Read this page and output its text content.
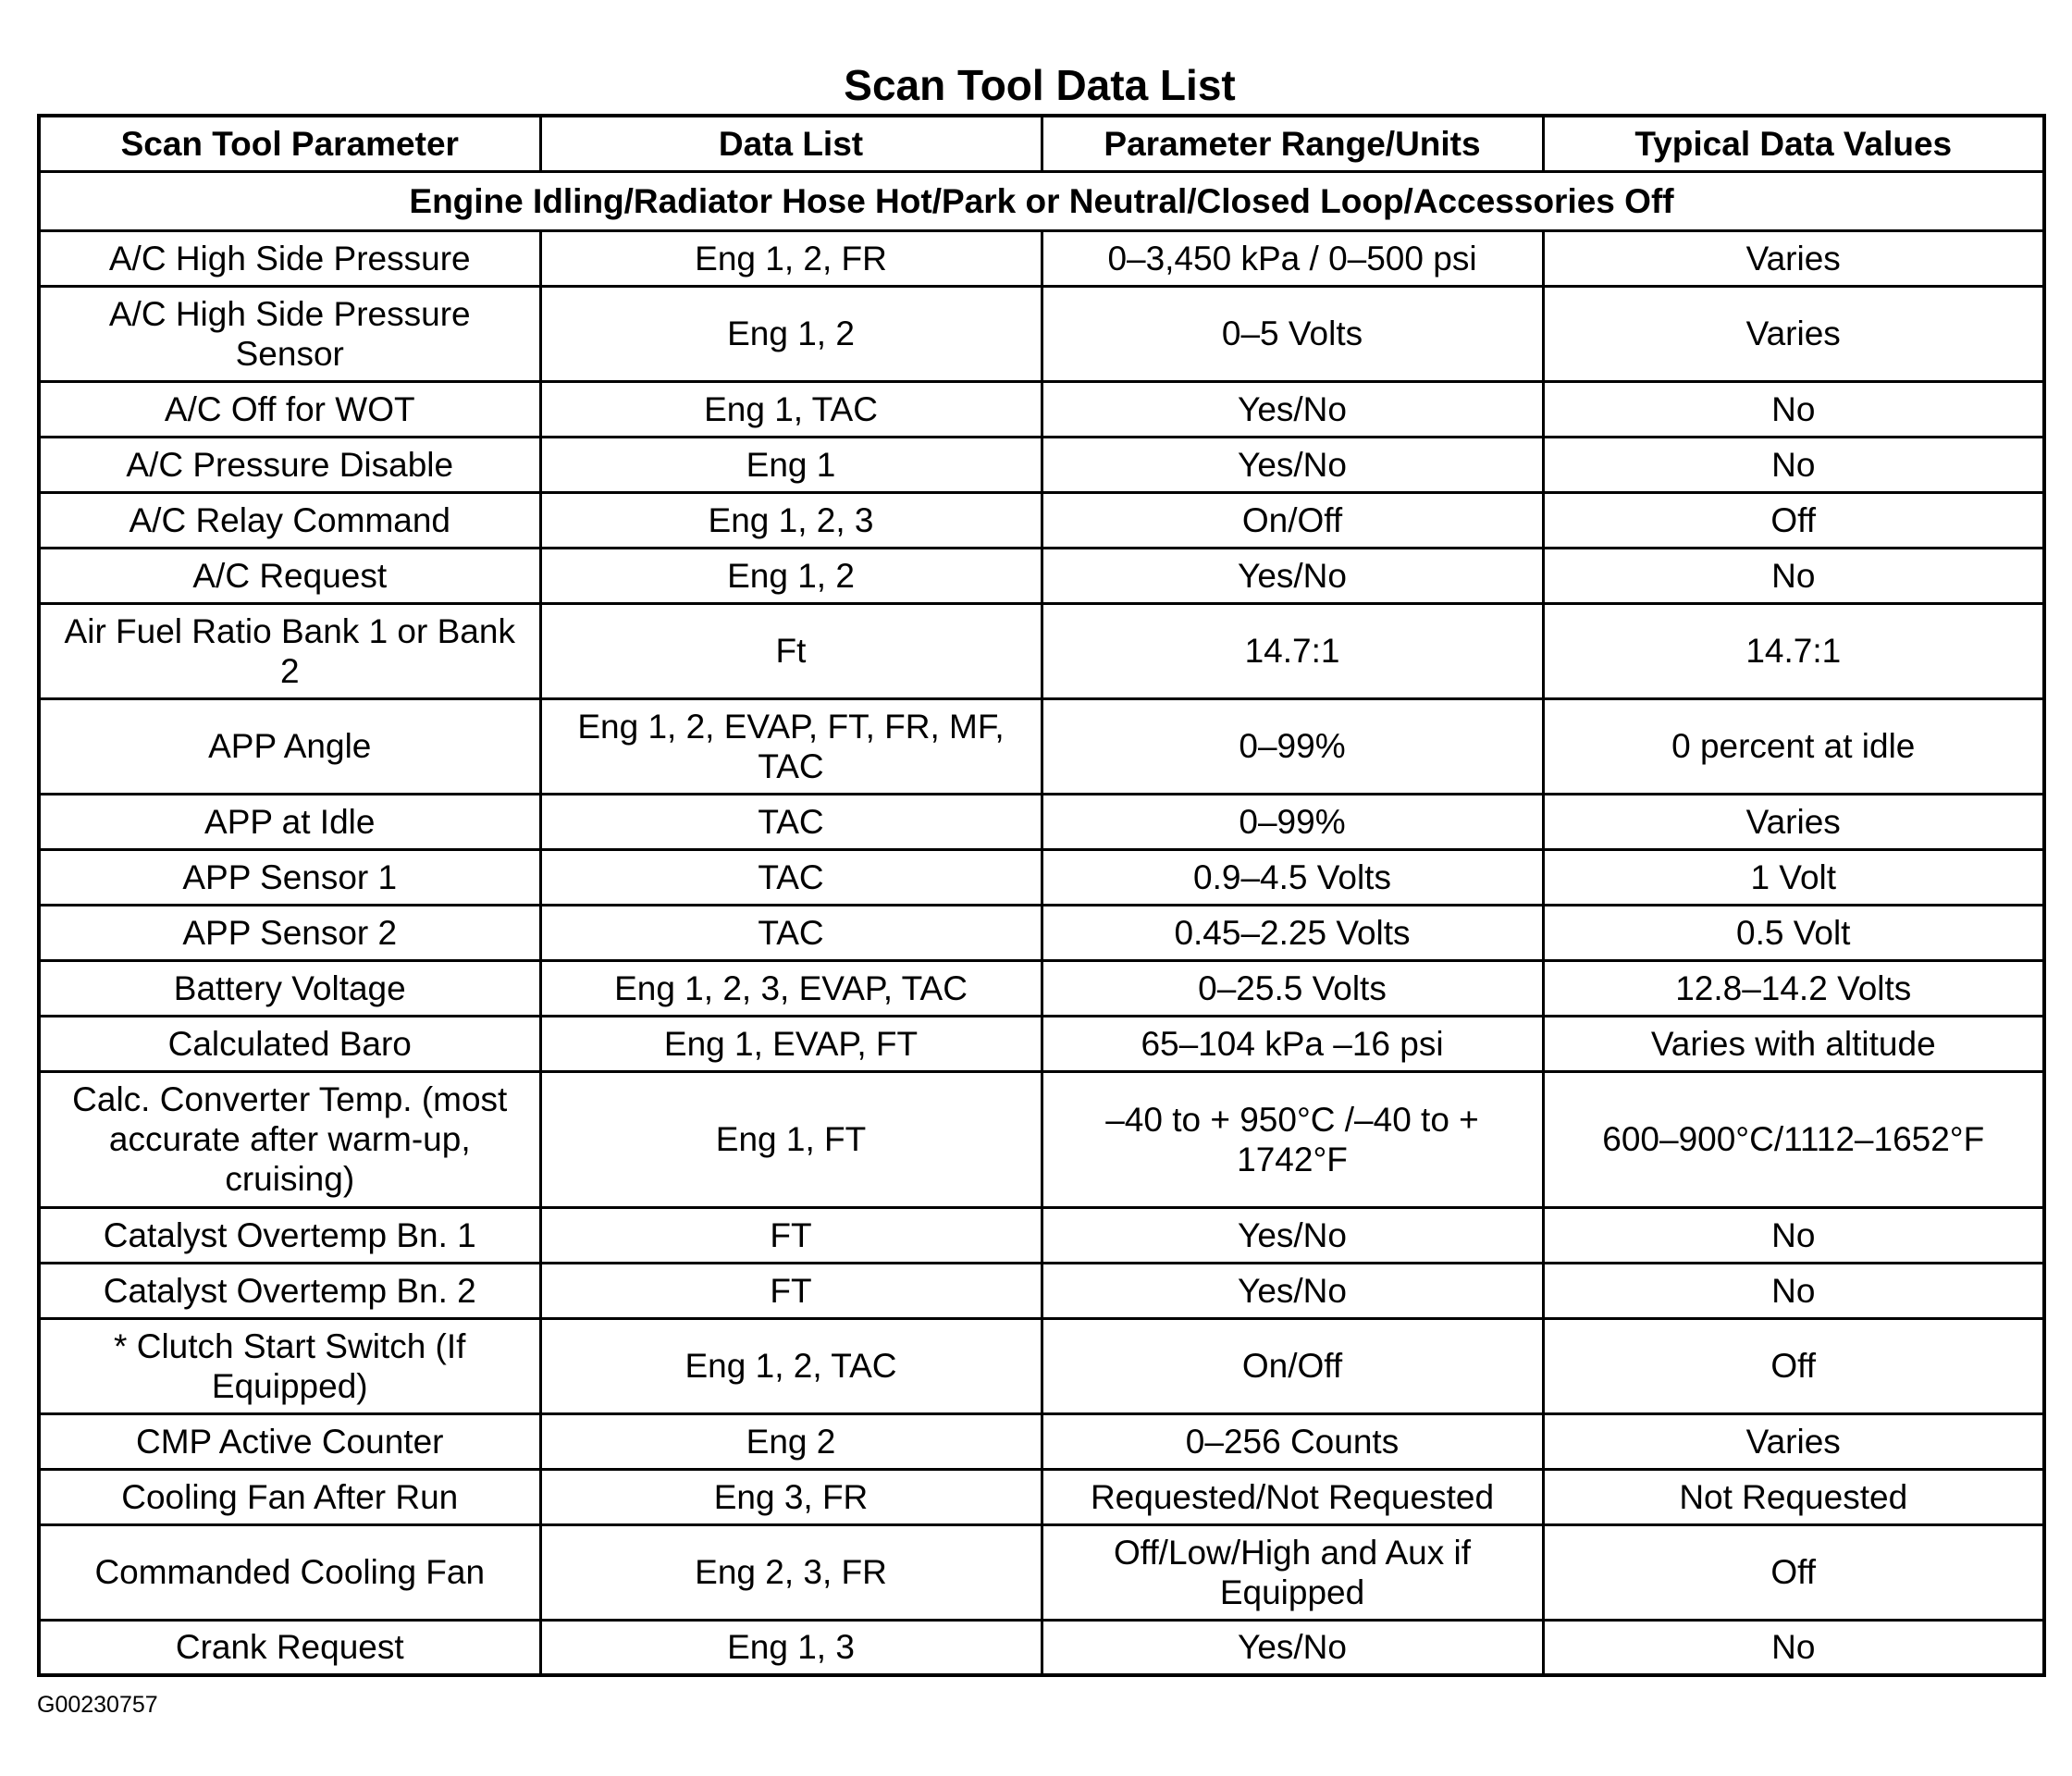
Scan Tool Data List
Scan Tool Parameter	Data List	Parameter Range/Units	Typical Data Values
Engine Idling/Radiator Hose Hot/Park or Neutral/Closed Loop/Accessories Off			
A/C High Side Pressure	Eng 1, 2, FR	0–3,450 kPa / 0–500 psi	Varies
A/C High Side Pressure Sensor	Eng 1, 2	0–5 Volts	Varies
A/C Off for WOT	Eng 1, TAC	Yes/No	No
A/C Pressure Disable	Eng 1	Yes/No	No
A/C Relay Command	Eng 1, 2, 3	On/Off	Off
A/C Request	Eng 1, 2	Yes/No	No
Air Fuel Ratio Bank 1 or Bank 2	Ft	14.7:1	14.7:1
APP Angle	Eng 1, 2, EVAP, FT, FR, MF, TAC	0–99%	0 percent at idle
APP at Idle	TAC	0–99%	Varies
APP Sensor 1	TAC	0.9–4.5 Volts	1 Volt
APP Sensor 2	TAC	0.45–2.25 Volts	0.5 Volt
Battery Voltage	Eng 1, 2, 3, EVAP, TAC	0–25.5 Volts	12.8–14.2 Volts
Calculated Baro	Eng 1, EVAP, FT	65–104 kPa –16 psi	Varies with altitude
Calc. Converter Temp. (most accurate after warm-up, cruising)	Eng 1, FT	–40 to + 950°C /–40 to + 1742°F	600–900°C/1112–1652°F
Catalyst Overtemp Bn. 1	FT	Yes/No	No
Catalyst Overtemp Bn. 2	FT	Yes/No	No
* Clutch Start Switch (If Equipped)	Eng 1, 2, TAC	On/Off	Off
CMP Active Counter	Eng 2	0–256 Counts	Varies
Cooling Fan After Run	Eng 3, FR	Requested/Not Requested	Not Requested
Commanded Cooling Fan	Eng 2, 3, FR	Off/Low/High and Aux if Equipped	Off
Crank Request	Eng 1, 3	Yes/No	No
G00230757
